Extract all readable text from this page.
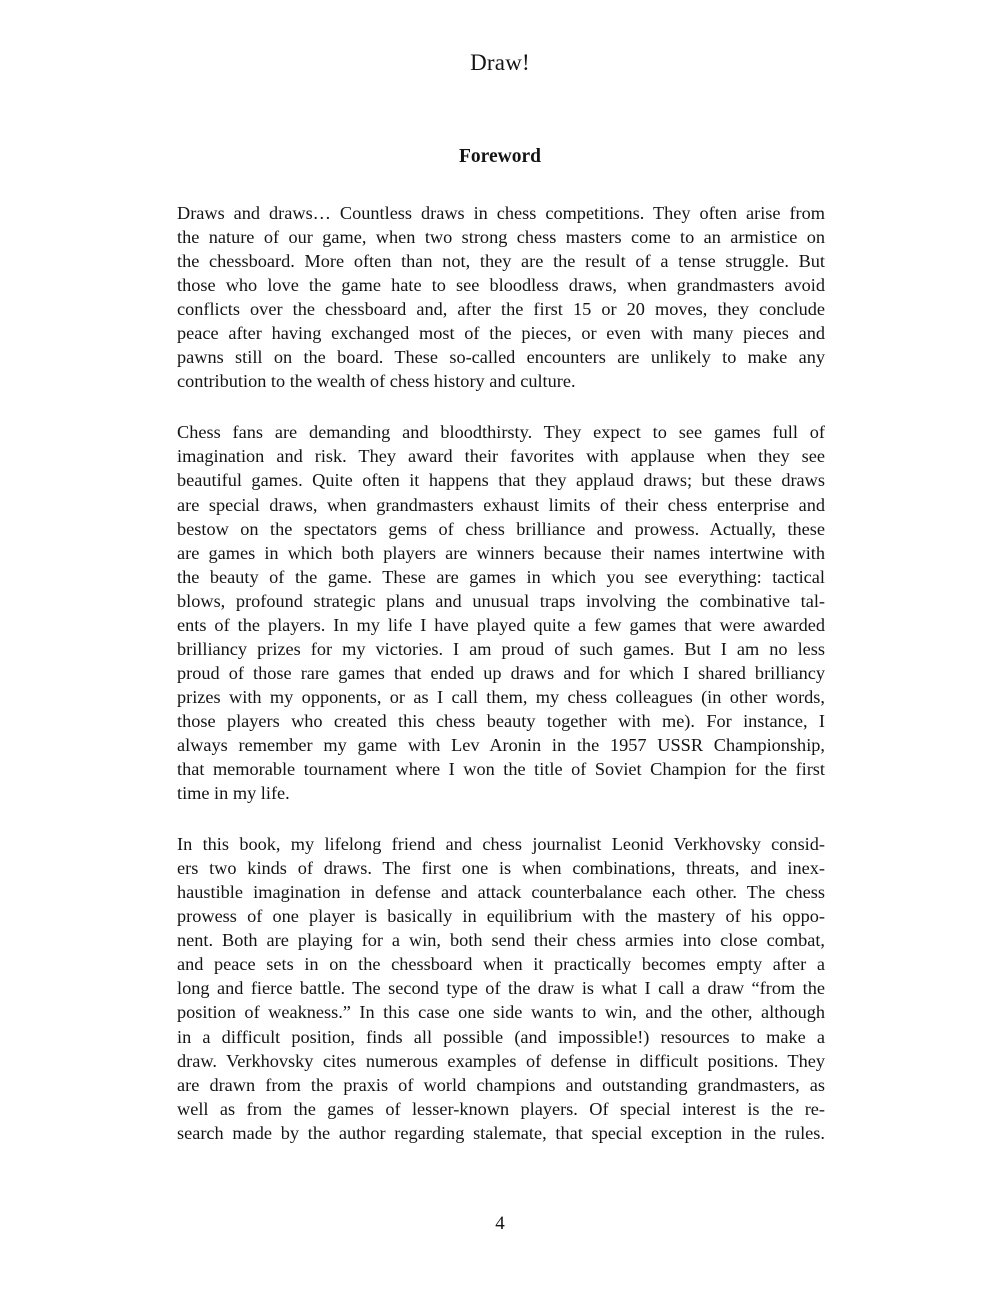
Draw!
Foreword

Draws and draws… Countless draws in chess competitions. They often arise from
the nature of our game, when two strong chess masters come to an armistice on
the chessboard. More often than not, they are the result of a tense struggle. But
those who love the game hate to see bloodless draws, when grandmasters avoid
conflicts over the chessboard and, after the first 15 or 20 moves, they conclude
peace after having exchanged most of the pieces, or even with many pieces and
pawns still on the board. These so-called encounters are unlikely to make any
contribution to the wealth of chess history and culture.

Chess fans are demanding and bloodthirsty. They expect to see games full of
imagination and risk. They award their favorites with applause when they see
beautiful games. Quite often it happens that they applaud draws; but these draws
are special draws, when grandmasters exhaust limits of their chess enterprise and
bestow on the spectators gems of chess brilliance and prowess. Actually, these
are games in which both players are winners because their names intertwine with
the beauty of the game. These are games in which you see everything: tactical
blows, profound strategic plans and unusual traps involving the combinative tal-
ents of the players. In my life I have played quite a few games that were awarded
brilliancy prizes for my victories. I am proud of such games. But I am no less
proud of those rare games that ended up draws and for which I shared brilliancy
prizes with my opponents, or as I call them, my chess colleagues (in other words,
those players who created this chess beauty together with me). For instance, I
always remember my game with Lev Aronin in the 1957 USSR Championship,
that memorable tournament where I won the title of Soviet Champion for the first
time in my life.

In this book, my lifelong friend and chess journalist Leonid Verkhovsky consid-
ers two kinds of draws. The first one is when combinations, threats, and inex-
haustible imagination in defense and attack counterbalance each other. The chess
prowess of one player is basically in equilibrium with the mastery of his oppo-
nent. Both are playing for a win, both send their chess armies into close combat,
and peace sets in on the chessboard when it practically becomes empty after a
long and fierce battle. The second type of the draw is what I call a draw “from the
position of weakness.” In this case one side wants to win, and the other, although
in a difficult position, finds all possible (and impossible!) resources to make a
draw. Verkhovsky cites numerous examples of defense in difficult positions. They
are drawn from the praxis of world champions and outstanding grandmasters, as
well as from the games of lesser-known players. Of special interest is the re-
search made by the author regarding stalemate, that special exception in the rules.

4
